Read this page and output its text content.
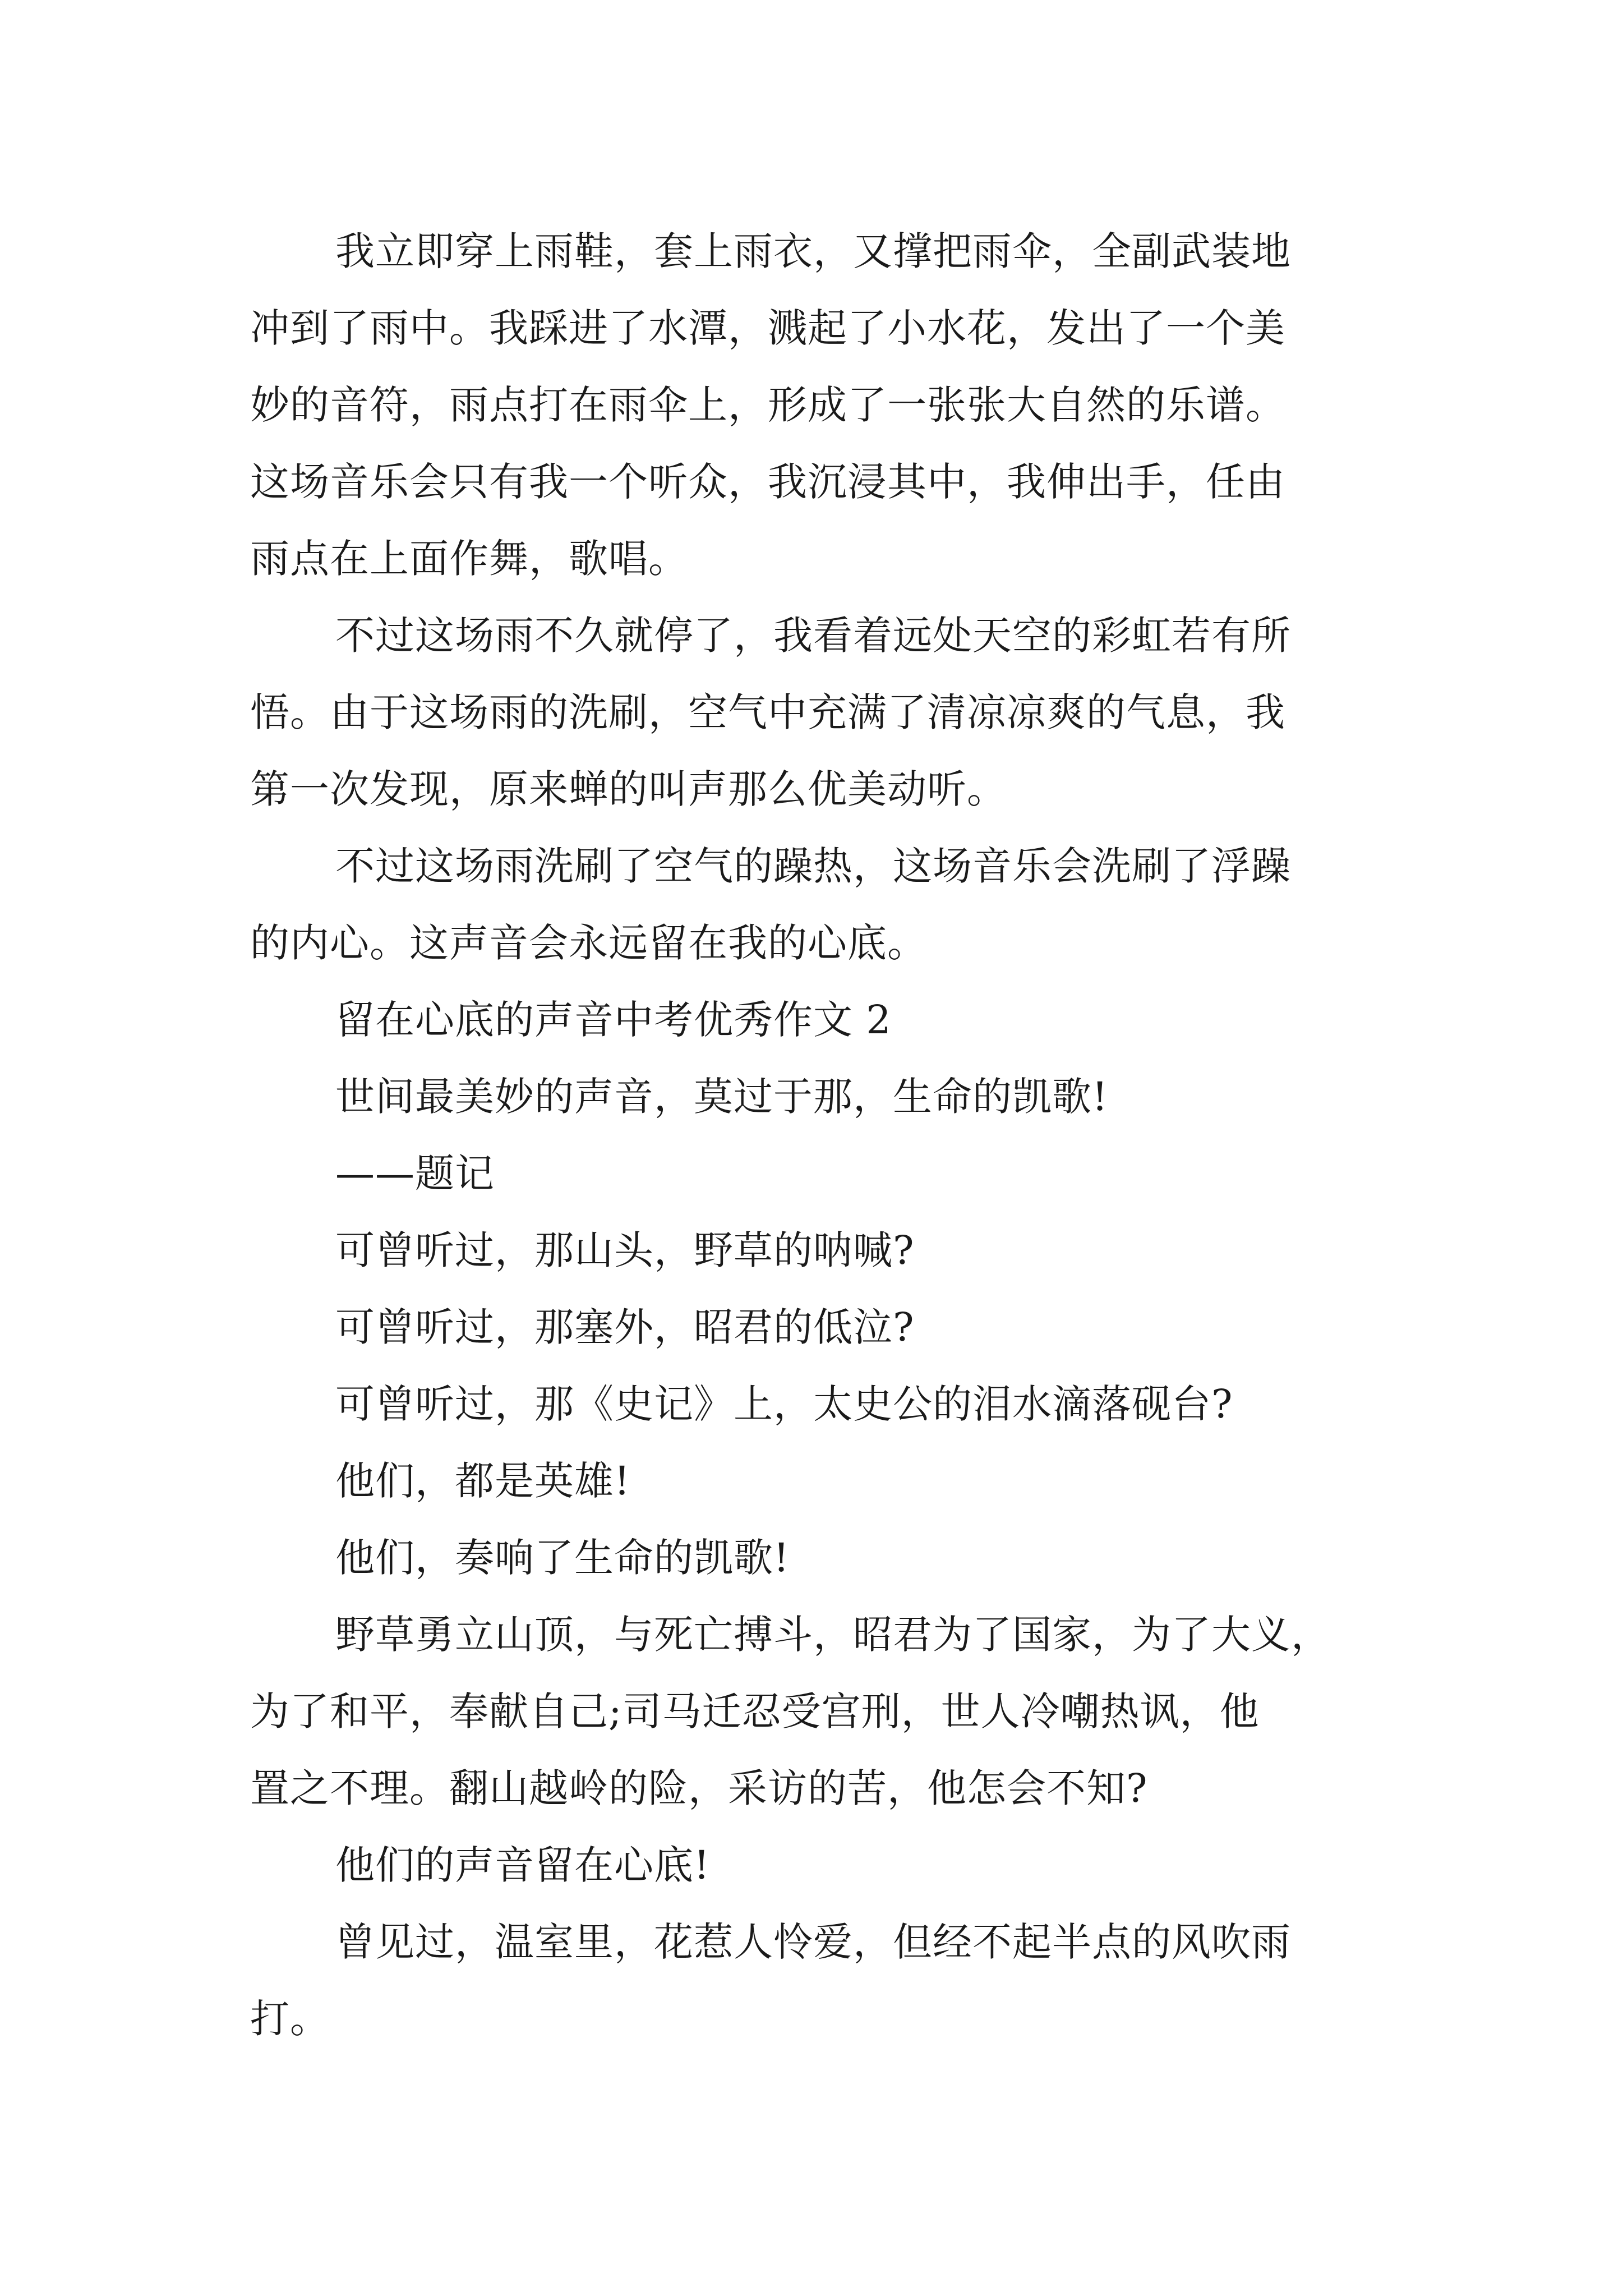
我立即穿上雨鞋，套上雨衣，又撑把雨伞，全副武装地
冲到了雨中。我踩进了水潭，溅起了小水花，发出了一个美
妙的音符，雨点打在雨伞上，形成了一张张大自然的乐谱。
这场音乐会只有我一个听众，我沉浸其中，我伸出手，任由
雨点在上面作舞，歌唱。
不过这场雨不久就停了，我看着远处天空的彩虹若有所
悟。由于这场雨的洗刷，空气中充满了清凉凉爽的气息，我
第一次发现，原来蝉的叫声那么优美动听。
不过这场雨洗刷了空气的躁热，这场音乐会洗刷了浮躁
的内心。这声音会永远留在我的心底。
留在心底的声音中考优秀作文 2
世间最美妙的声音，莫过于那，生命的凯歌!
——题记
可曾听过，那山头，野草的呐喊?
可曾听过，那塞外，昭君的低泣?
可曾听过，那《史记》上，太史公的泪水滴落砚台?
他们，都是英雄!
他们，奏响了生命的凯歌!
野草勇立山顶，与死亡搏斗，昭君为了国家，为了大义，
为了和平，奉献自己;司马迁忍受宫刑，世人冷嘲热讽，他
置之不理。翻山越岭的险，采访的苦，他怎会不知?
他们的声音留在心底!
曾见过，温室里，花惹人怜爱，但经不起半点的风吹雨
打。
